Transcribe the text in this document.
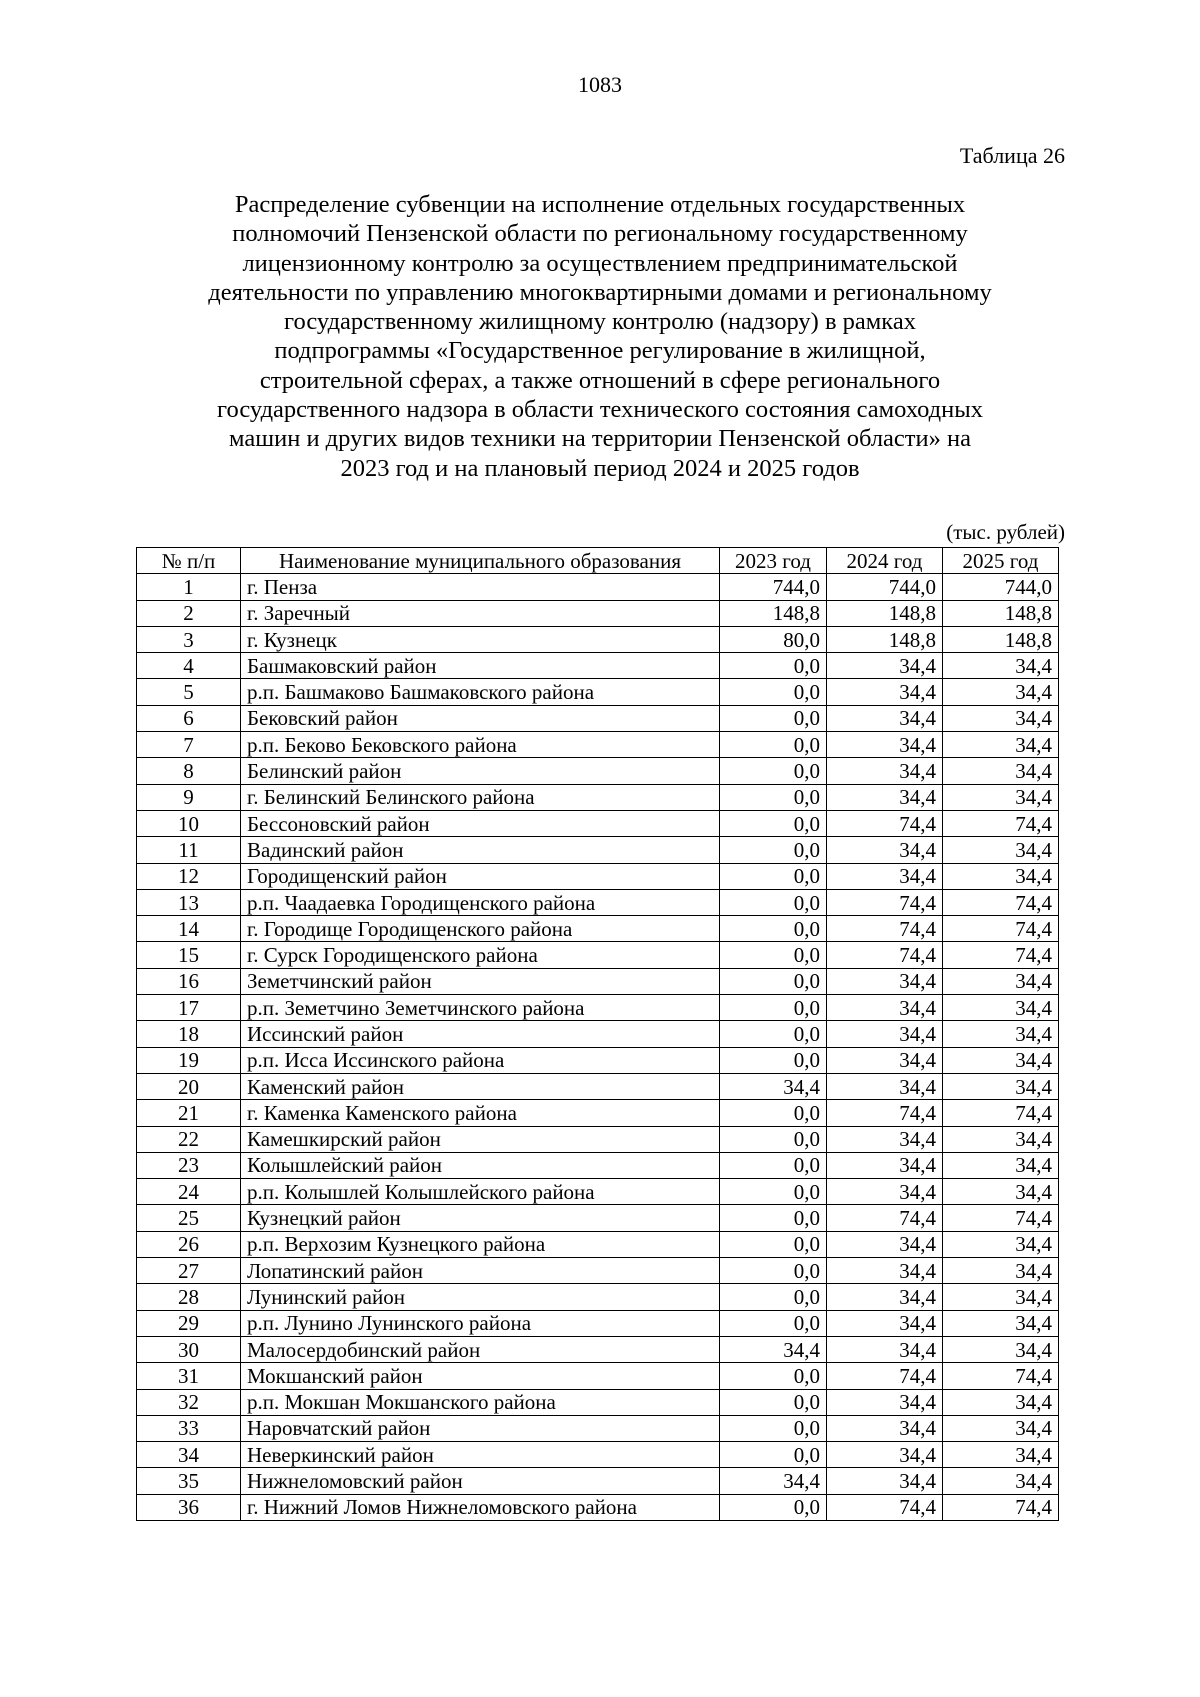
1083
Таблица 26
Распределение субвенции на исполнение отдельных государственных
полномочий Пензенской области по региональному государственному
лицензионному контролю за осуществлением предпринимательской
деятельности по управлению многоквартирными домами и региональному
государственному жилищному контролю (надзору) в рамках
подпрограммы «Государственное регулирование в жилищной,
строительной сферах, а также отношений в сфере регионального
государственного надзора в области технического состояния самоходных
машин и других видов техники на территории Пензенской области» на
2023 год и на плановый период 2024 и 2025 годов
(тыс. рублей)
№ п/п	Наименование муниципального образования	2023 год	2024 год	2025 год
1	г. Пенза	744,0	744,0	744,0
2	г. Заречный	148,8	148,8	148,8
3	г. Кузнецк	80,0	148,8	148,8
4	Башмаковский район	0,0	34,4	34,4
5	р.п. Башмаково Башмаковского района	0,0	34,4	34,4
6	Бековский район	0,0	34,4	34,4
7	р.п. Беково Бековского района	0,0	34,4	34,4
8	Белинский район	0,0	34,4	34,4
9	г. Белинский Белинского района	0,0	34,4	34,4
10	Бессоновский район	0,0	74,4	74,4
11	Вадинский район	0,0	34,4	34,4
12	Городищенский район	0,0	34,4	34,4
13	р.п. Чаадаевка Городищенского района	0,0	74,4	74,4
14	г. Городище Городищенского района	0,0	74,4	74,4
15	г. Сурск Городищенского района	0,0	74,4	74,4
16	Земетчинский район	0,0	34,4	34,4
17	р.п. Земетчино Земетчинского района	0,0	34,4	34,4
18	Иссинский район	0,0	34,4	34,4
19	р.п. Исса Иссинского района	0,0	34,4	34,4
20	Каменский район	34,4	34,4	34,4
21	г. Каменка Каменского района	0,0	74,4	74,4
22	Камешкирский район	0,0	34,4	34,4
23	Колышлейский район	0,0	34,4	34,4
24	р.п. Колышлей Колышлейского района	0,0	34,4	34,4
25	Кузнецкий район	0,0	74,4	74,4
26	р.п. Верхозим Кузнецкого района	0,0	34,4	34,4
27	Лопатинский район	0,0	34,4	34,4
28	Лунинский район	0,0	34,4	34,4
29	р.п. Лунино Лунинского района	0,0	34,4	34,4
30	Малосердобинский район	34,4	34,4	34,4
31	Мокшанский район	0,0	74,4	74,4
32	р.п. Мокшан Мокшанского района	0,0	34,4	34,4
33	Наровчатский район	0,0	34,4	34,4
34	Неверкинский район	0,0	34,4	34,4
35	Нижнеломовский район	34,4	34,4	34,4
36	г. Нижний Ломов Нижнеломовского района	0,0	74,4	74,4
